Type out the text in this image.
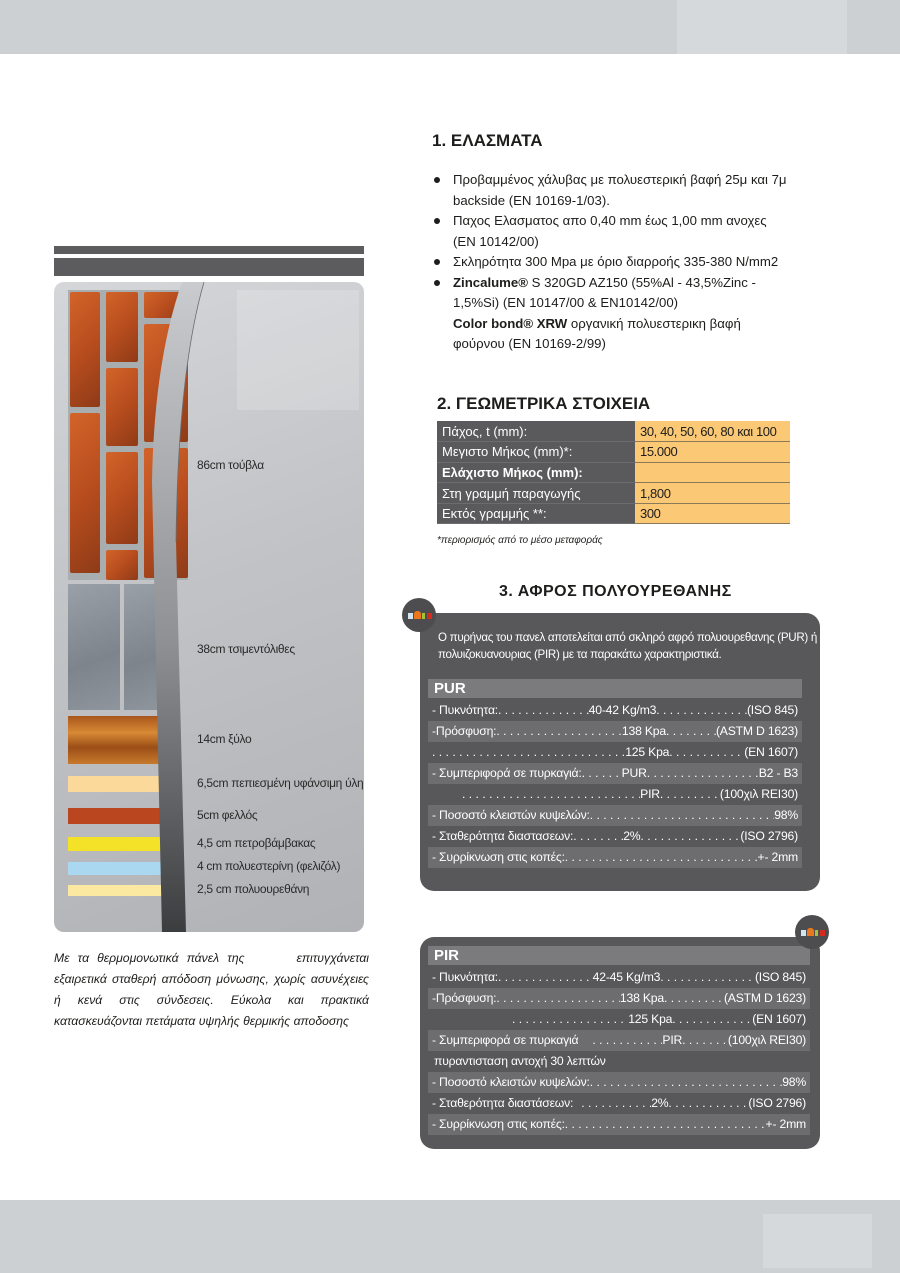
86cm τούβλα
38cm τσιμεντόλιθες
14cm ξύλο
6,5cm πεπιεσμένη υφάνσιμη ύλη
5cm φελλός
4,5 cm πετροβάμβακας
4 cm πολυεστερίνη (φελιζόλ)
2,5 cm πολυουρεθάνη
Με τα θερμομονωτικά πάνελ της	επιτυγχάνεται εξαιρετικά σταθερή απόδοση μόνωσης, χωρίς ασυνέχειες ή κενά στις σύνδεσεις. Εύκολα και πρακτικά κατασκευάζονται πετάματα υψηλής θερμικής αποδοσης
1. ΕΛΑΣΜΑΤΑ
Προβαμμένος χάλυβας με πολυεστερική βαφή 25μ και 7μ backside (EN 10169-1/03).
Παχος Ελασματος απο 0,40 mm έως 1,00 mm ανοχες (EN 10142/00)
Σκληρότητα 300 Mpa με όριο διαρροής 335-380 N/mm2
Zincalume® S 320GD AZ150 (55%Al - 43,5%Zinc - 1,5%Si) (EN 10147/00 & EN10142/00)
Color bond® XRW οργανική πολυεστερικη βαφή φούρνου (EN 10169-2/99)
2. ΓΕΩΜΕΤΡΙΚΑ ΣΤΟΙΧΕΙΑ
Πάχος, t (mm):	30, 40, 50, 60, 80 και 100
Μεγιστο Μήκος (mm)*:	15.000
Ελάχιστο Μήκος (mm):	
Στη γραμμή παραγωγής	1,800
Εκτός γραμμής **:	300
*περιορισμός από το μέσο μεταφοράς
3. ΑΦΡΟΣ ΠΟΛΥΟΥΡΕΘΑΝΗΣ
Ο πυρήνας του πανελ αποτελείται από σκληρό αφρό πολυουρεθανης (PUR) ή πολυιζοκυανουριας (PIR) με τα παρακάτω χαρακτηριστικά.
PUR
- Πυκνότητα: . . .	40-42 Kg/m3 . . .	(ISO 845)
-Πρόσφυση: . . .	138 Kpa . . .	(ASTM D 1623)
. . .
125 Kpa . . .	(EN 1607)
- Συμπεριφορά σε πυρκαγιά: . . .	PUR . . .	B2 - B3
. . .
PIR . . .	(100χιλ REI30)
- Ποσοστό κλειστών κυψελών: . . .	98%
- Σταθερότητα διαστασεων: . . .	2% . . .	(ISO 2796)
- Συρρίκνωση στις κοπές: . . .	+- 2mm
PIR
- Πυκνότητα: . . .	42-45 Kg/m3 . . .	(ISO 845)
-Πρόσφυση: . . .	138 Kpa . . .	(ASTM D 1623)
. . .
125 Kpa . . .	(EN 1607)
- Συμπεριφορά σε πυρκαγιά . . .	PIR . . .	(100χιλ REI30)
πυραντισταση αντοχή 30 λεπτών
- Ποσοστό κλειστών κυψελών: . . .	98%
- Σταθερότητα διαστάσεων: . . .	2% . . .	(ISO 2796)
- Συρρίκνωση στις κοπές: . . .	+- 2mm
